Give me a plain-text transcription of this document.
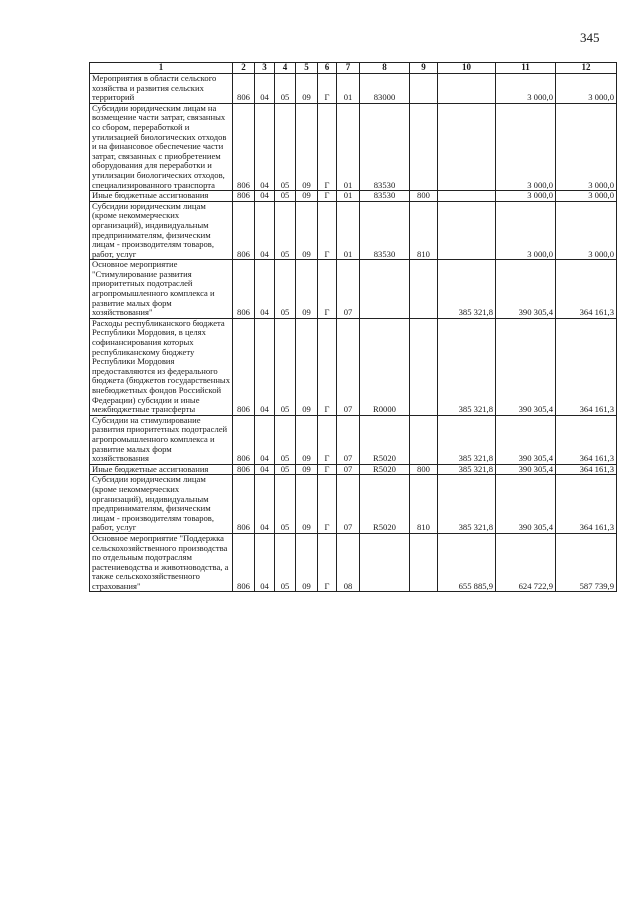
345
1	2	3	4	5	6	7	8	9	10	11	12
Мероприятия в области сельского хозяйства и развития сельских территорий	806	04	05	09	Г	01	83000			3 000,0	3 000,0
Субсидии юридическим лицам на возмещение части затрат, связанных со сбором, переработкой и утилизацией биологических отходов и на финансовое обеспечение части затрат, связанных с приобретением оборудования для переработки и утилизации биологических отходов, специализированного транспорта	806	04	05	09	Г	01	83530			3 000,0	3 000,0
Иные бюджетные ассигнования	806	04	05	09	Г	01	83530	800		3 000,0	3 000,0
Субсидии юридическим лицам (кроме некоммерческих организаций), индивидуальным предпринимателям, физическим лицам - производителям товаров, работ, услуг	806	04	05	09	Г	01	83530	810		3 000,0	3 000,0
Основное мероприятие "Стимулирование развития приоритетных подотраслей агропромышленного комплекса и развитие малых форм хозяйствования"	806	04	05	09	Г	07			385 321,8	390 305,4	364 161,3
Расходы республиканского бюджета Республики Мордовия, в целях софинансирования которых республиканскому бюджету Республики Мордовия предоставляются из федерального бюджета (бюджетов государственных внебюджетных фондов Российской Федерации) субсидии и иные межбюджетные трансферты	806	04	05	09	Г	07	R0000		385 321,8	390 305,4	364 161,3
Субсидии на стимулирование развития приоритетных подотраслей агропромышленного комплекса и развитие малых форм хозяйствования	806	04	05	09	Г	07	R5020		385 321,8	390 305,4	364 161,3
Иные бюджетные ассигнования	806	04	05	09	Г	07	R5020	800	385 321,8	390 305,4	364 161,3
Субсидии юридическим лицам (кроме некоммерческих организаций), индивидуальным предпринимателям, физическим лицам - производителям товаров, работ, услуг	806	04	05	09	Г	07	R5020	810	385 321,8	390 305,4	364 161,3
Основное мероприятие "Поддержка сельскохозяйственного производства по отдельным подотраслям растениеводства и животноводства, а также сельскохозяйственного страхования"	806	04	05	09	Г	08			655 885,9	624 722,9	587 739,9
